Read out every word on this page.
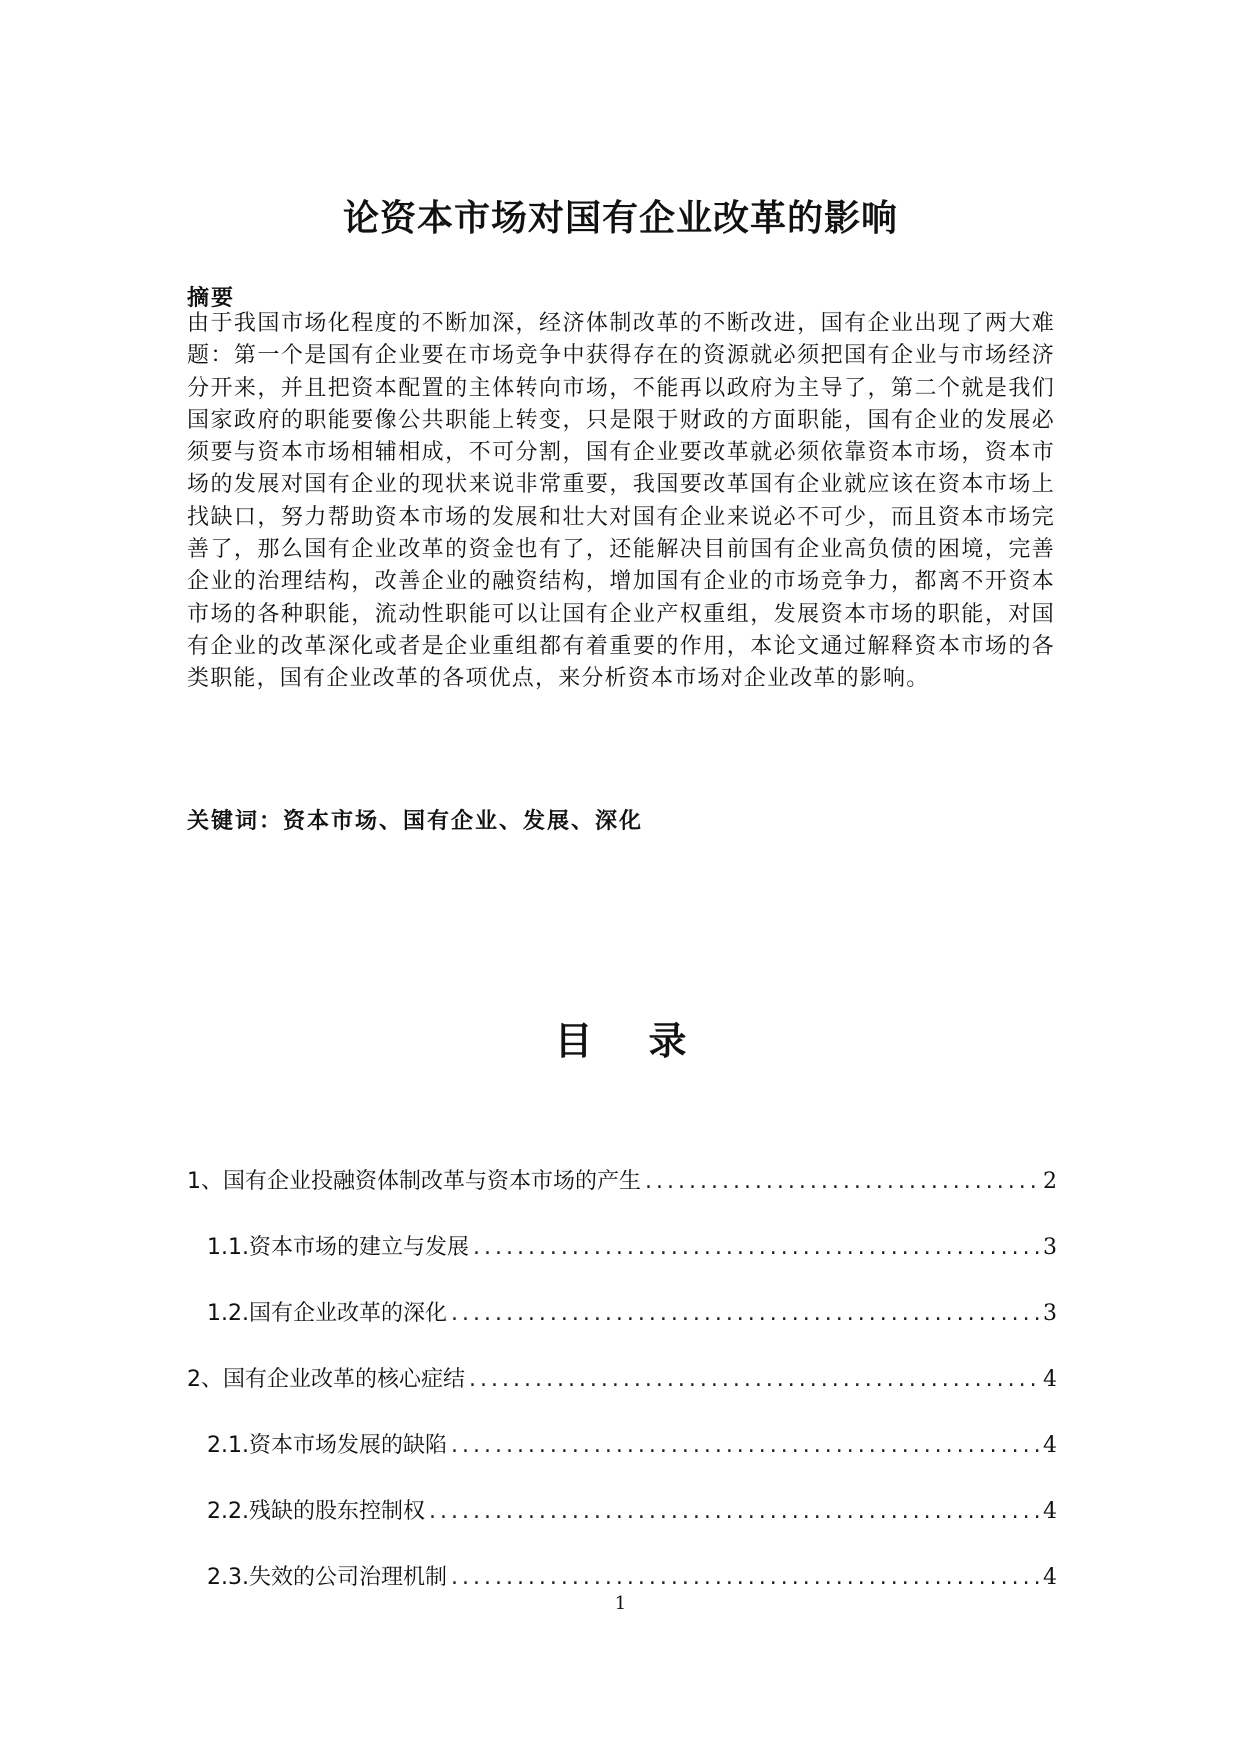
论资本市场对国有企业改革的影响
摘要
由于我国市场化程度的不断加深，经济体制改革的不断改进，国有企业出现了两大难题：第一个是国有企业要在市场竞争中获得存在的资源就必须把国有企业与市场经济分开来，并且把资本配置的主体转向市场，不能再以政府为主导了，第二个就是我们国家政府的职能要像公共职能上转变，只是限于财政的方面职能，国有企业的发展必须要与资本市场相辅相成，不可分割，国有企业要改革就必须依靠资本市场，资本市场的发展对国有企业的现状来说非常重要，我国要改革国有企业就应该在资本市场上找缺口，努力帮助资本市场的发展和壮大对国有企业来说必不可少，而且资本市场完善了，那么国有企业改革的资金也有了，还能解决目前国有企业高负债的困境，完善企业的治理结构，改善企业的融资结构，增加国有企业的市场竞争力，都离不开资本市场的各种职能，流动性职能可以让国有企业产权重组，发展资本市场的职能，对国有企业的改革深化或者是企业重组都有着重要的作用，本论文通过解释资本市场的各类职能，国有企业改革的各项优点，来分析资本市场对企业改革的影响。
关键词：资本市场、国有企业、发展、深化
目 录
1、国有企业投融资体制改革与资本市场的产生 .....	2
1.1.资本市场的建立与发展 .....	3
1.2.国有企业改革的深化 .....	3
2、国有企业改革的核心症结 .....	4
2.1.资本市场发展的缺陷 .....	4
2.2.残缺的股东控制权 .....	4
2.3.失效的公司治理机制 .....	4
1
